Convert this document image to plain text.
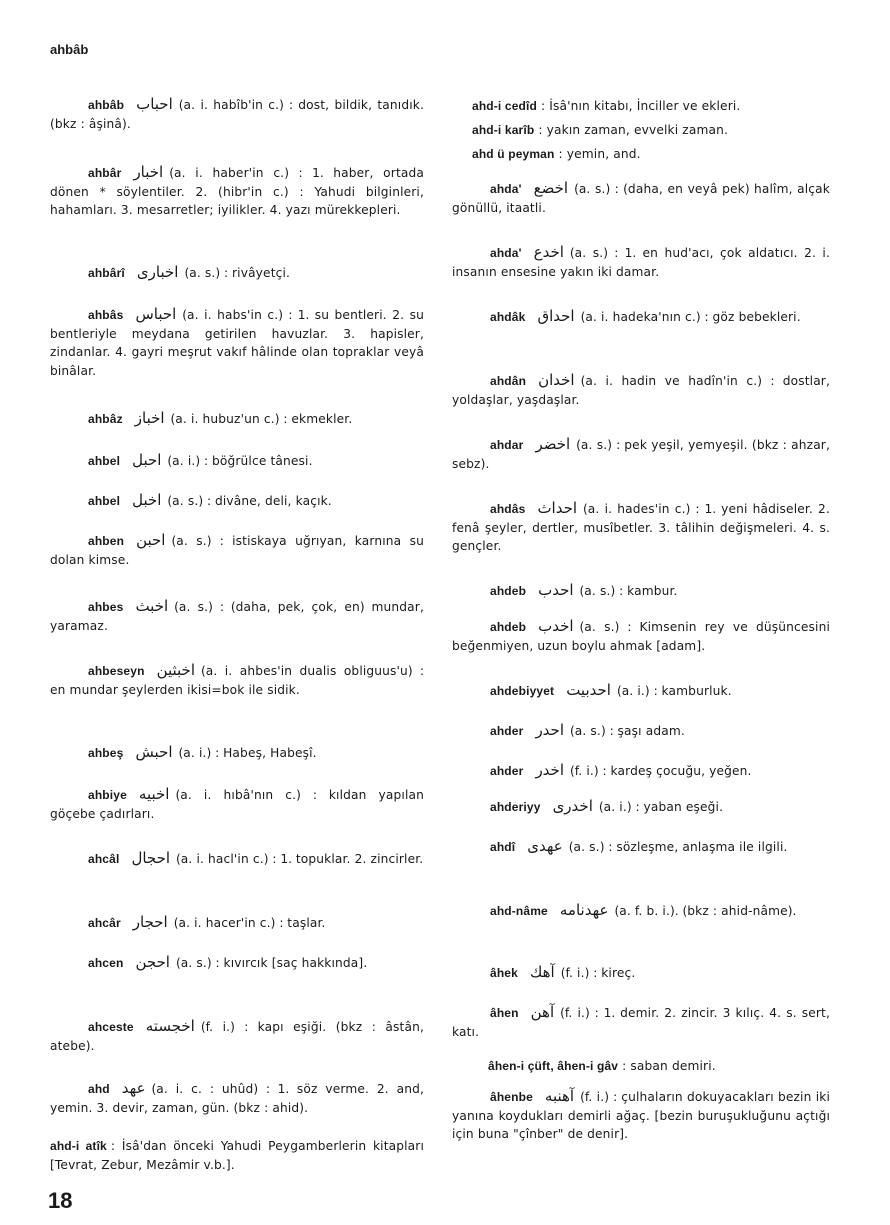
ahbâb
ahbâb احباب (a. i. habîb'in c.) : dost, bildik, tanıdık. (bkz : âşinâ).
ahbâr اخبار (a. i. haber'in c.) : 1. haber, ortada dönen * söylentiler. 2. (hibr'in c.) : Yahudi bilginleri, hahamları. 3. mesarretler; iyilikler. 4. yazı mürekkepleri.
ahbârî اخباری (a. s.) : rivâyetçi.
ahbâs احباس (a. i. habs'in c.) : 1. su bentleri. 2. su bentleriyle meydana getirilen havuzlar. 3. hapisler, zindanlar. 4. gayri meşrut vakıf hâlinde olan topraklar veyâ binâlar.
ahbâz اخباز (a. i. hubuz'un c.) : ekmekler.
ahbel احبل (a. i.) : böğrülce tânesi.
ahbel اخبل (a. s.) : divâne, deli, kaçık.
ahben احبن (a. s.) : istiskaya uğrıyan, karnına su dolan kimse.
ahbes اخبث (a. s.) : (daha, pek, çok, en) mundar, yaramaz.
ahbeseyn اخبثین (a. i. ahbes'in dualis obliguus'u) : en mundar şeylerden ikisi=bok ile sidik.
ahbeş احبش (a. i.) : Habeş, Habeşî.
ahbiye اخبیه (a. i. hıbâ'nın c.) : kıldan yapılan göçebe çadırları.
ahcâl احجال (a. i. hacl'in c.) : 1. topuklar. 2. zincirler.
ahcâr احجار (a. i. hacer'in c.) : taşlar.
ahcen احجن (a. s.) : kıvırcık [saç hakkında].
ahceste اخجسته (f. i.) : kapı eşiği. (bkz : âstân, atebe).
ahd عهد (a. i. c. : uhûd) : 1. söz verme. 2. and, yemin. 3. devir, zaman, gün. (bkz : ahid).
ahd-i atîk : İsâ'dan önceki Yahudi Peygamberlerin kitapları [Tevrat, Zebur, Mezâmir v.b.].
ahd-i cedîd : İsâ'nın kitabı, İnciller ve ekleri.
ahd-i karîb : yakın zaman, evvelki zaman.
ahd ü peyman : yemin, and.
ahda' اخضع (a. s.) : (daha, en veyâ pek) halîm, alçak gönüllü, itaatli.
ahda' اخدع (a. s.) : 1. en hud'acı, çok aldatıcı. 2. i. insanın ensesine yakın iki damar.
ahdâk احداق (a. i. hadeka'nın c.) : göz bebekleri.
ahdân اخدان (a. i. hadin ve hadîn'in c.) : dostlar, yoldaşlar, yaşdaşlar.
ahdar اخضر (a. s.) : pek yeşil, yemyeşil. (bkz : ahzar, sebz).
ahdâs احداث (a. i. hades'in c.) : 1. yeni hâdiseler. 2. fenâ şeyler, dertler, musîbetler. 3. tâlihin değişmeleri. 4. s. gençler.
ahdeb احدب (a. s.) : kambur.
ahdeb اخدب (a. s.) : Kimsenin rey ve düşüncesini beğenmiyen, uzun boylu ahmak [adam].
ahdebiyyet احدبیت (a. i.) : kamburluk.
ahder احدر (a. s.) : şaşı adam.
ahder اخدر (f. i.) : kardeş çocuğu, yeğen.
ahderiyy اخدری (a. i.) : yaban eşeği.
ahdî عهدی (a. s.) : sözleşme, anlaşma ile ilgili.
ahd-nâme عهدنامه (a. f. b. i.). (bkz : ahid-nâme).
âhek آهك (f. i.) : kireç.
âhen آهن (f. i.) : 1. demir. 2. zincir. 3 kılıç. 4. s. sert, katı.
âhen-i çüft, âhen-i gâv : saban demiri.
âhenbe آهنبه (f. i.) : çulhaların dokuyacakları bezin iki yanına koydukları demirli ağaç. [bezin buruşukluğunu açtığı için buna "çînber" de denir].
18
